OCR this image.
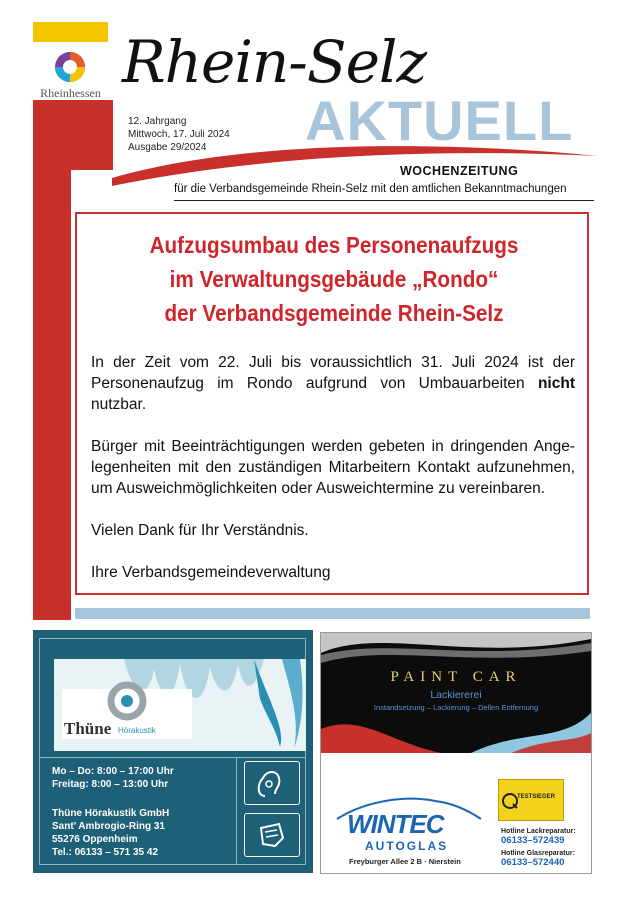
Rheinhessen	AKTUELL
Rhein-Selz
12. Jahrgang
Mittwoch, 17. Juli 2024
Ausgabe 29/2024
WOCHENZEITUNG
für die Verbandsgemeinde Rhein-Selz mit den amtlichen Bekanntmachungen
Aufzugsumbau des Personenaufzugs
im Verwaltungsgebäude „Rondo“
der Verbandsgemeinde Rhein-Selz

In der Zeit vom 22. Juli bis voraussichtlich 31. Juli 2024 ist der Personenaufzug im Rondo aufgrund von Umbauarbeiten nicht nutzbar.

Bürger mit Beeinträchtigungen werden gebeten in dringenden Ange-legenheiten mit den zuständigen Mitarbeitern Kontakt aufzunehmen, um Ausweichmöglichkeiten oder Ausweichtermine zu vereinbaren.

Vielen Dank für Ihr Verständnis.

Ihre Verbandsgemeindeverwaltung

Thüne Hörakustik
Mo – Do: 8:00 – 17:00 Uhr
Freitag: 8:00 – 13:00 Uhr
Thüne Hörakustik GmbH
Sant’ Ambrogio-Ring 31
55276 Oppenheim
Tel.: 06133 – 571 35 42
PAINT CAR
Lackiererei
Instandsetzung – Lackierung – Dellen Entfernung
WINTEC
AUTOGLAS
Freyburger Allee 2 B · Nierstein
TESTSIEGER
Hotline Lackreparatur:
06133–572439
Hotline Glasreparatur:
06133–572440
